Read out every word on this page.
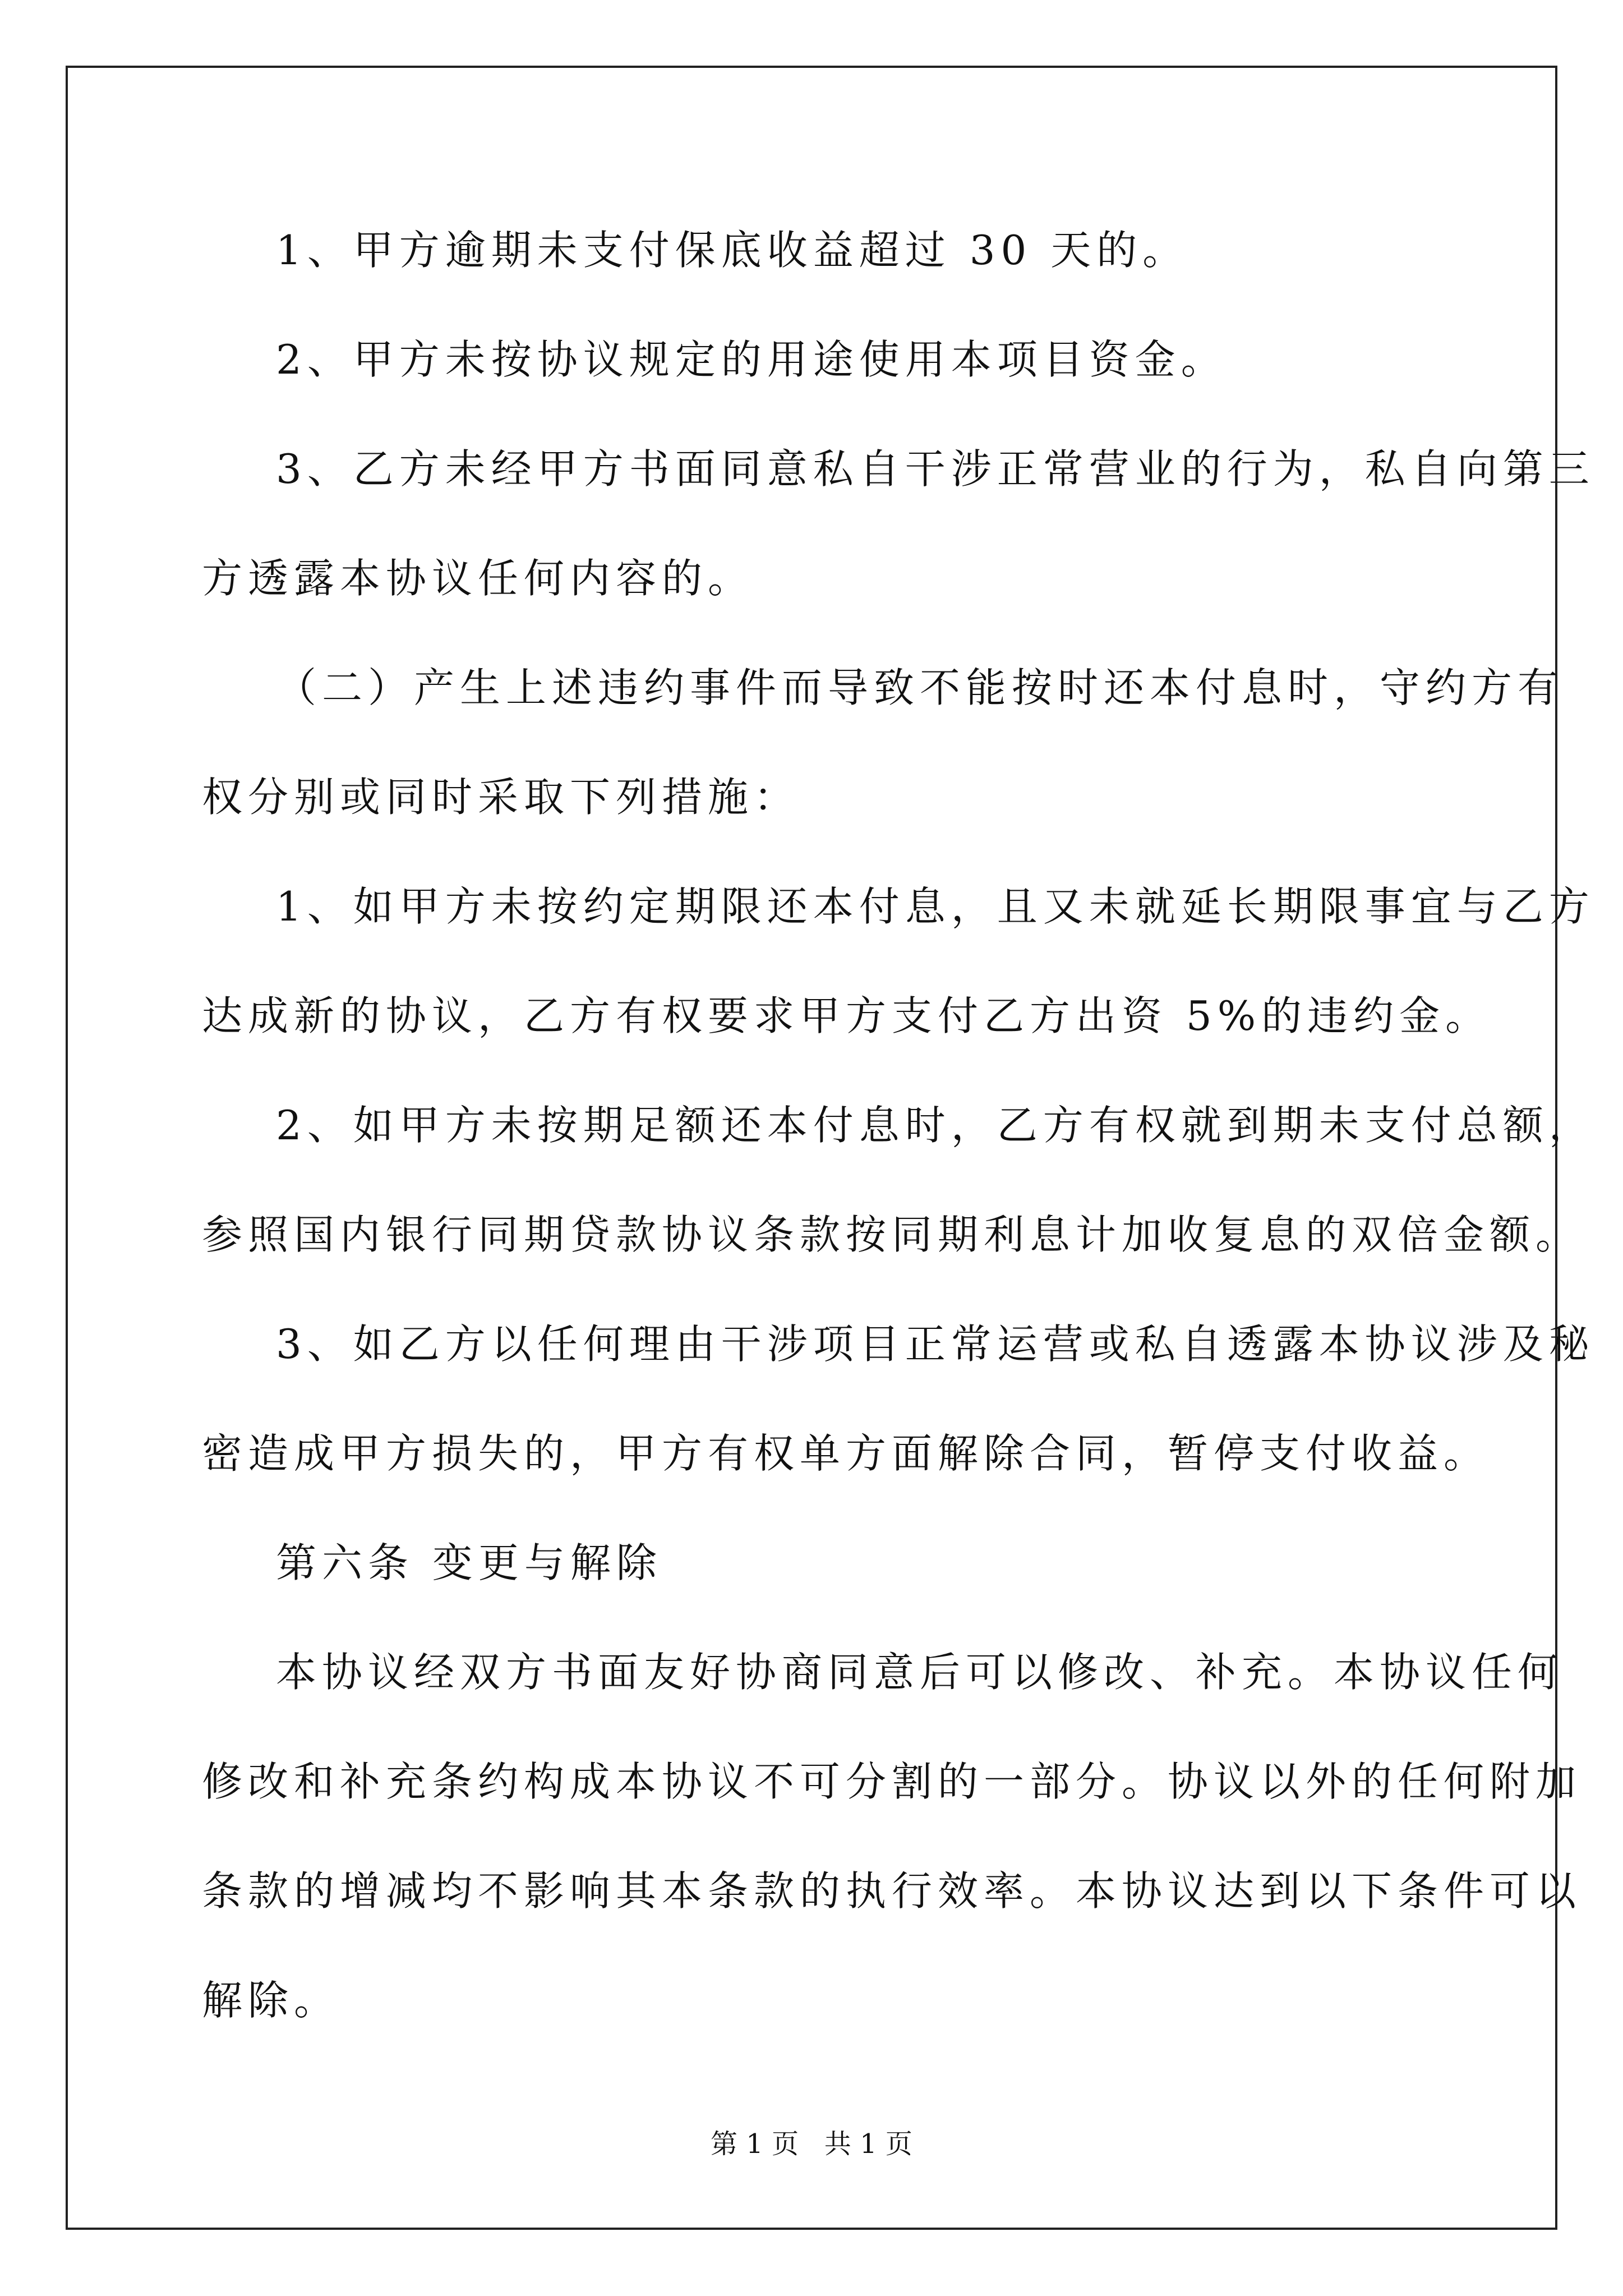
1、甲方逾期未支付保底收益超过 30 天的。
2、甲方未按协议规定的用途使用本项目资金。
3、乙方未经甲方书面同意私自干涉正常营业的行为，私自向第三
方透露本协议任何内容的。
（二）产生上述违约事件而导致不能按时还本付息时，守约方有
权分别或同时采取下列措施：
1、如甲方未按约定期限还本付息，且又未就延长期限事宜与乙方
达成新的协议，乙方有权要求甲方支付乙方出资 5%的违约金。
2、如甲方未按期足额还本付息时，乙方有权就到期未支付总额，
参照国内银行同期贷款协议条款按同期利息计加收复息的双倍金额。
3、如乙方以任何理由干涉项目正常运营或私自透露本协议涉及秘
密造成甲方损失的，甲方有权单方面解除合同，暂停支付收益。
第六条 变更与解除
本协议经双方书面友好协商同意后可以修改、补充。本协议任何
修改和补充条约构成本协议不可分割的一部分。协议以外的任何附加
条款的增减均不影响其本条款的执行效率。本协议达到以下条件可以
解除。
第 1 页   共 1 页
